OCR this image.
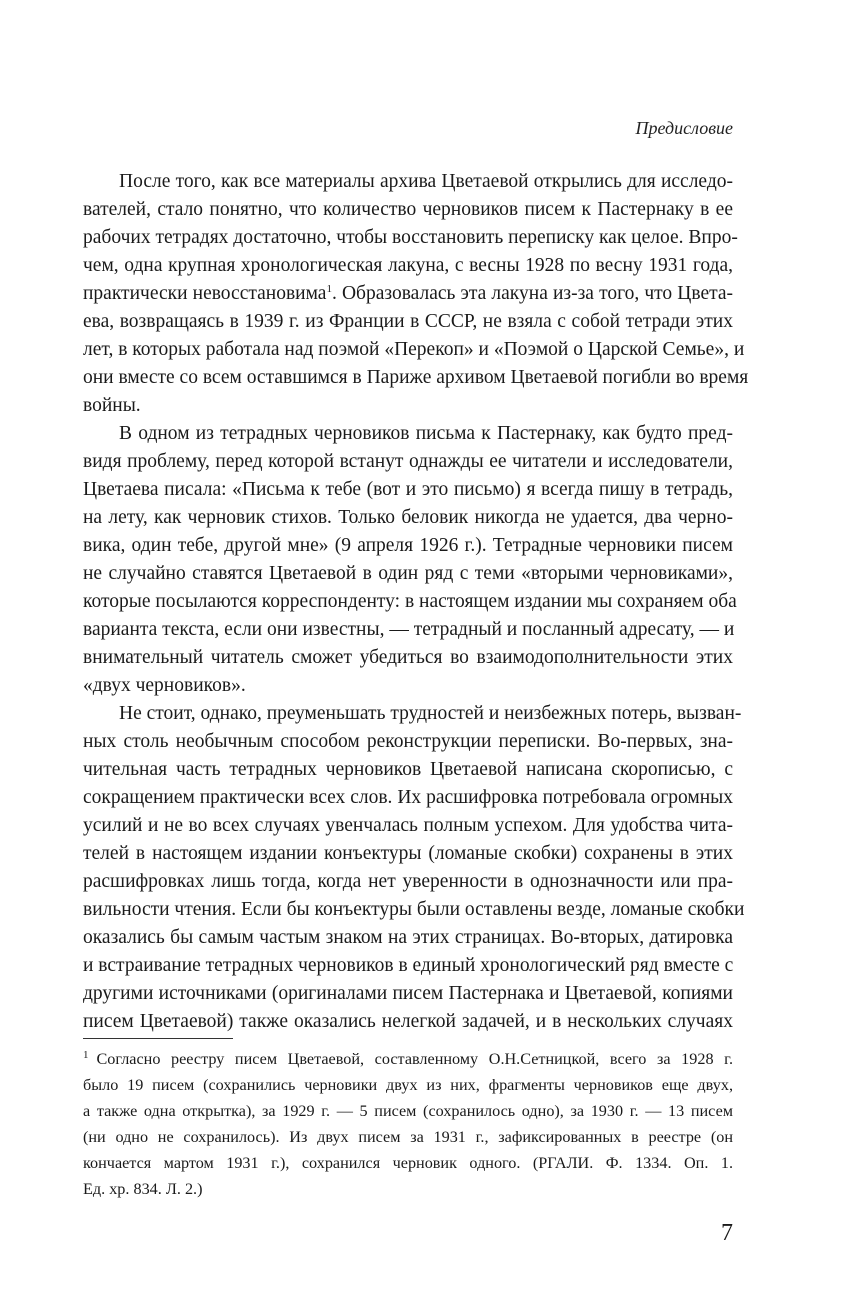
Предисловие
После того, как все материалы архива Цветаевой открылись для исследо-
вателей, стало понятно, что количество черновиков писем к Пастернаку в ее
рабочих тетрадях достаточно, чтобы восстановить переписку как целое. Впро-
чем, одна крупная хронологическая лакуна, с весны 1928 по весну 1931 года,
практически невосстановима$^1$. Образовалась эта лакуна из-за того, что Цвета-
ева, возвращаясь в 1939 г. из Франции в СССР, не взяла с собой тетради этих
лет, в которых работала над поэмой «Перекоп» и «Поэмой о Царской Семье», и
они вместе со всем оставшимся в Париже архивом Цветаевой погибли во время
войны.
В одном из тетрадных черновиков письма к Пастернаку, как будто пред-
видя проблему, перед которой встанут однажды ее читатели и исследователи,
Цветаева писала: «Письма к тебе (вот и это письмо) я всегда пишу в тетрадь,
на лету, как черновик стихов. Только беловик никогда не удается, два черно-
вика, один тебе, другой мне» (9 апреля 1926 г.). Тетрадные черновики писем
не случайно ставятся Цветаевой в один ряд с теми «вторыми черновиками»,
которые посылаются корреспонденту: в настоящем издании мы сохраняем оба
варианта текста, если они известны, — тетрадный и посланный адресату, — и
внимательный читатель сможет убедиться во взаимодополнительности этих
«двух черновиков».
Не стоит, однако, преуменьшать трудностей и неизбежных потерь, вызван-
ных столь необычным способом реконструкции переписки. Во-первых, зна-
чительная часть тетрадных черновиков Цветаевой написана скорописью, с
сокращением практически всех слов. Их расшифровка потребовала огромных
усилий и не во всех случаях увенчалась полным успехом. Для удобства чита-
телей в настоящем издании конъектуры (ломаные скобки) сохранены в этих
расшифровках лишь тогда, когда нет уверенности в однозначности или пра-
вильности чтения. Если бы конъектуры были оставлены везде, ломаные скобки
оказались бы самым частым знаком на этих страницах. Во-вторых, датировка
и встраивание тетрадных черновиков в единый хронологический ряд вместе с
другими источниками (оригиналами писем Пастернака и Цветаевой, копиями
писем Цветаевой) также оказались нелегкой задачей, и в нескольких случаях
1 Согласно реестру писем Цветаевой, составленному О.Н.Сетницкой, всего за 1928 г.
было 19 писем (сохранились черновики двух из них, фрагменты черновиков еще двух,
а также одна открытка), за 1929 г. — 5 писем (сохранилось одно), за 1930 г. — 13 писем
(ни одно не сохранилось). Из двух писем за 1931 г., зафиксированных в реестре (он
кончается мартом 1931 г.), сохранился черновик одного. (РГАЛИ. Ф. 1334. Оп. 1.
Ед. хр. 834. Л. 2.)
7
